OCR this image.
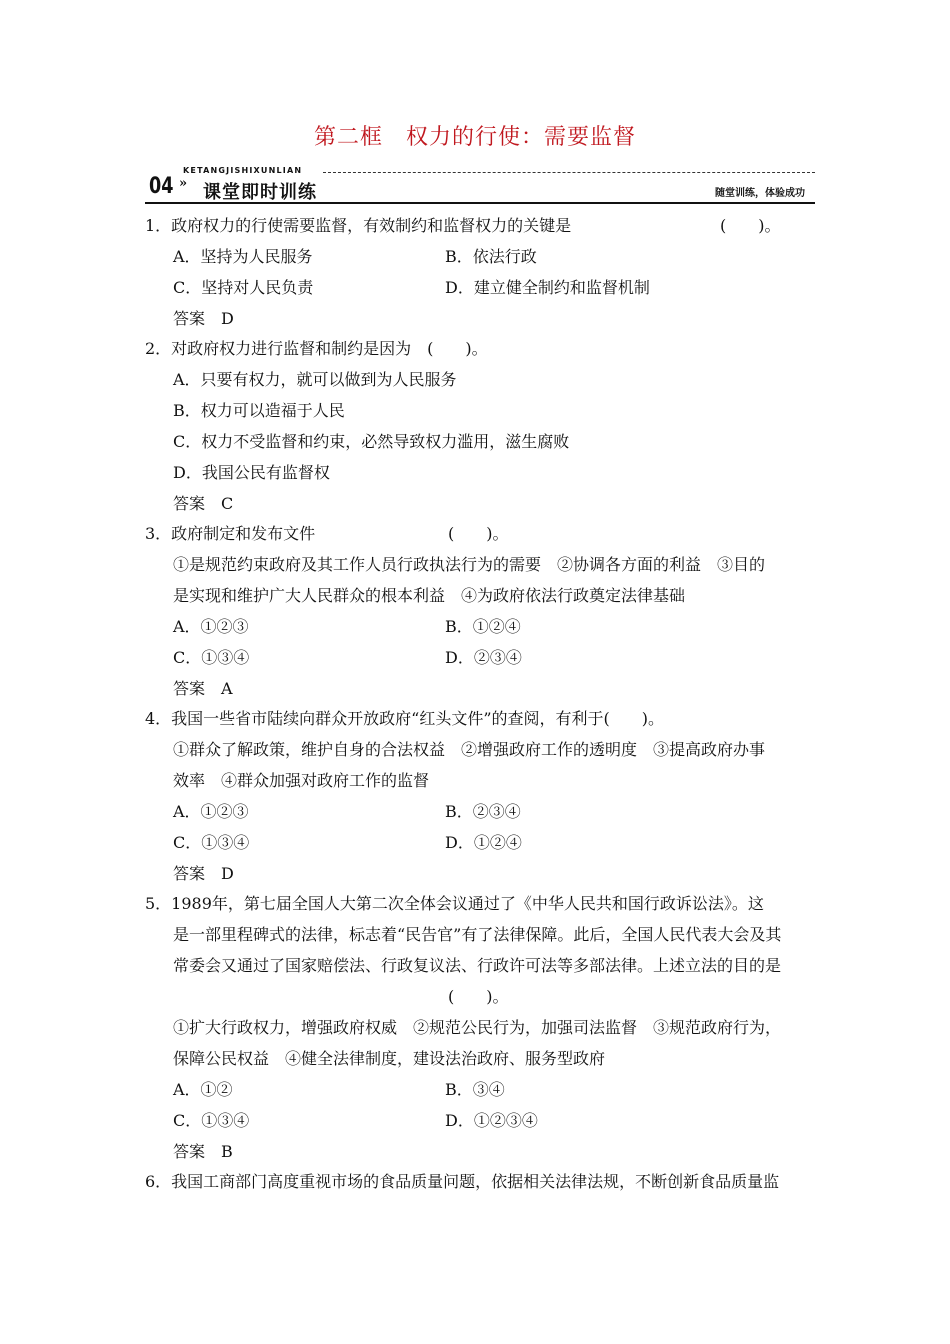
第二框　权力的行使：需要监督
KETANGJISHIXUNLIAN
04 » 课堂即时训练	随堂训练，体验成功
1．政府权力的行使需要监督，有效制约和监督权力的关键是	(　　)。
A．坚持为人民服务	B．依法行政
C．坚持对人民负责	D．建立健全制约和监督机制
答案　D
2．对政府权力进行监督和制约是因为　(　　)。
A．只要有权力，就可以做到为人民服务
B．权力可以造福于人民
C．权力不受监督和约束，必然导致权力滥用，滋生腐败
D．我国公民有监督权
答案　C
3．政府制定和发布文件	(　　)。
①是规范约束政府及其工作人员行政执法行为的需要　②协调各方面的利益　③目的
是实现和维护广大人民群众的根本利益　④为政府依法行政奠定法律基础
A．①②③	B．①②④
C．①③④	D．②③④
答案　A
4．我国一些省市陆续向群众开放政府“红头文件”的查阅，有利于(　　)。
①群众了解政策，维护自身的合法权益　②增强政府工作的透明度　③提高政府办事
效率　④群众加强对政府工作的监督
A．①②③	B．②③④
C．①③④	D．①②④
答案　D
5．1989年，第七届全国人大第二次全体会议通过了《中华人民共和国行政诉讼法》。这
是一部里程碑式的法律，标志着“民告官”有了法律保障。此后，全国人民代表大会及其
常委会又通过了国家赔偿法、行政复议法、行政许可法等多部法律。上述立法的目的是
(　　)。
①扩大行政权力，增强政府权威　②规范公民行为，加强司法监督　③规范政府行为，
保障公民权益　④健全法律制度，建设法治政府、服务型政府
A．①②	B．③④
C．①③④	D．①②③④
答案　B
6．我国工商部门高度重视市场的食品质量问题，依据相关法律法规，不断创新食品质量监
